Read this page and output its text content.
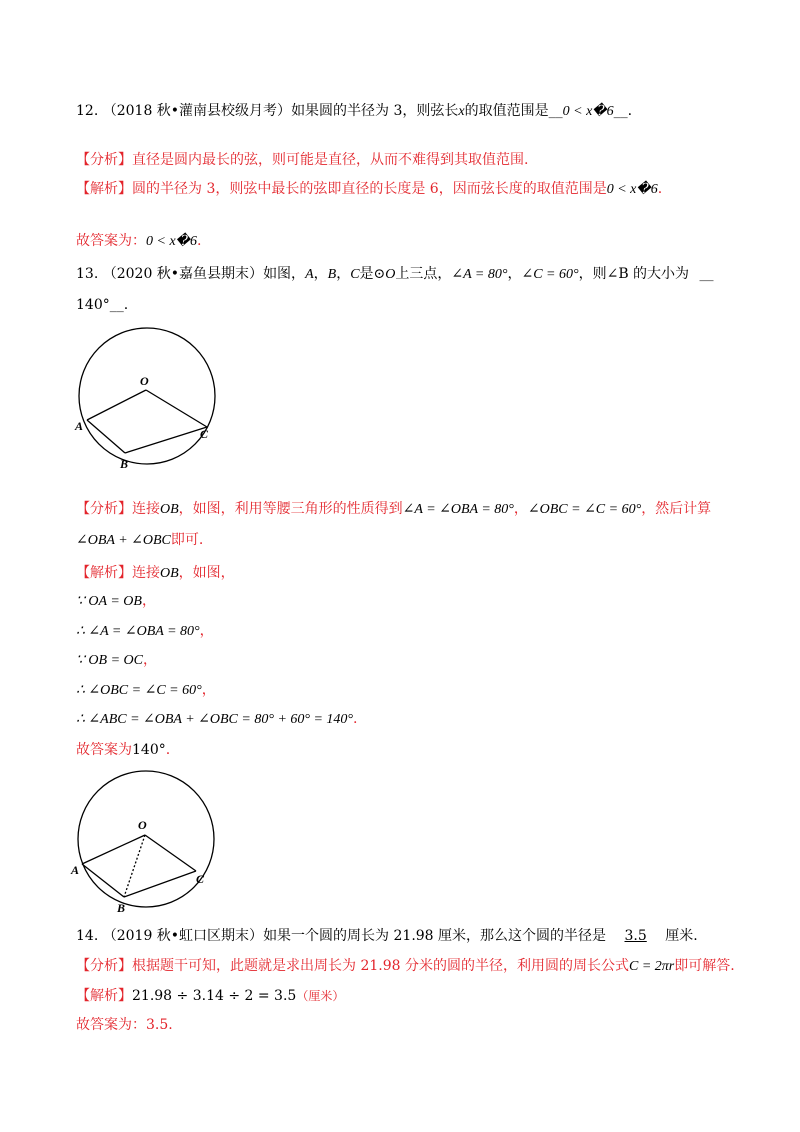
12. （2018 秋•灌南县校级月考）如果圆的半径为 3，则弦长x的取值范围是__0 < x�6__.
【分析】直径是圆内最长的弦，则可能是直径，从而不难得到其取值范围.
【解析】圆的半径为 3，则弦中最长的弦即直径的长度是 6，因而弦长度的取值范围是0 < x�6.
故答案为：0 < x�6.
13. （2020 秋•嘉鱼县期末）如图，A，B，C是⊙O上三点，∠A = 80°，∠C = 60°，则∠B 的大小为 __
140°__.
O
A
B
C
【分析】连接OB，如图，利用等腰三角形的性质得到∠A = ∠OBA = 80°，∠OBC = ∠C = 60°，然后计算
∠OBA + ∠OBC即可.
【解析】连接OB，如图，
∵ OA = OB，
∴ ∠A = ∠OBA = 80°，
∵ OB = OC，
∴ ∠OBC = ∠C = 60°，
∴ ∠ABC = ∠OBA + ∠OBC = 80° + 60° = 140°.
故答案为140°.
O
A
B
C
14. （2019 秋•虹口区期末）如果一个圆的周长为 21.98 厘米，那么这个圆的半径是 3.5 厘米.
【分析】根据题干可知，此题就是求出周长为 21.98 分米的圆的半径，利用圆的周长公式C = 2πr即可解答.
【解析】21.98 ÷ 3.14 ÷ 2 = 3.5（厘米）
故答案为：3.5.
